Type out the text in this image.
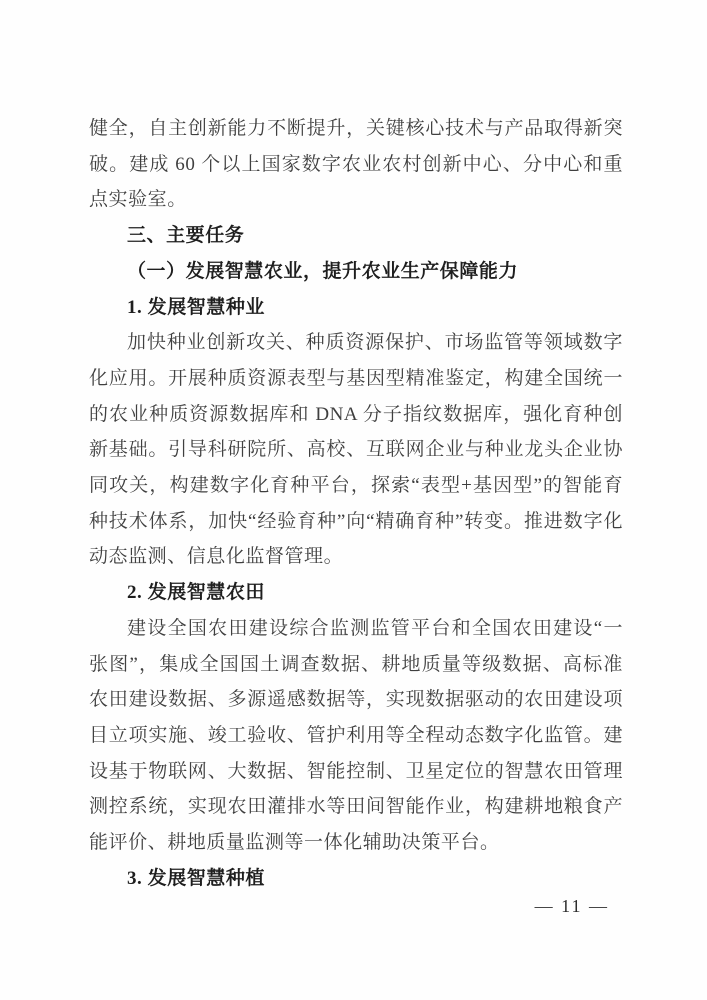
健全，自主创新能力不断提升，关键核心技术与产品取得新突破。建成 60 个以上国家数字农业农村创新中心、分中心和重点实验室。

三、主要任务

（一）发展智慧农业，提升农业生产保障能力

1. 发展智慧种业

加快种业创新攻关、种质资源保护、市场监管等领域数字化应用。开展种质资源表型与基因型精准鉴定，构建全国统一的农业种质资源数据库和 DNA 分子指纹数据库，强化育种创新基础。引导科研院所、高校、互联网企业与种业龙头企业协同攻关，构建数字化育种平台，探索“表型+基因型”的智能育种技术体系，加快“经验育种”向“精确育种”转变。推进数字化动态监测、信息化监督管理。

2. 发展智慧农田

建设全国农田建设综合监测监管平台和全国农田建设“一张图”，集成全国国土调查数据、耕地质量等级数据、高标准农田建设数据、多源遥感数据等，实现数据驱动的农田建设项目立项实施、竣工验收、管护利用等全程动态数字化监管。建设基于物联网、大数据、智能控制、卫星定位的智慧农田管理测控系统，实现农田灌排水等田间智能作业，构建耕地粮食产能评价、耕地质量监测等一体化辅助决策平台。

3. 发展智慧种植

— 11 —
